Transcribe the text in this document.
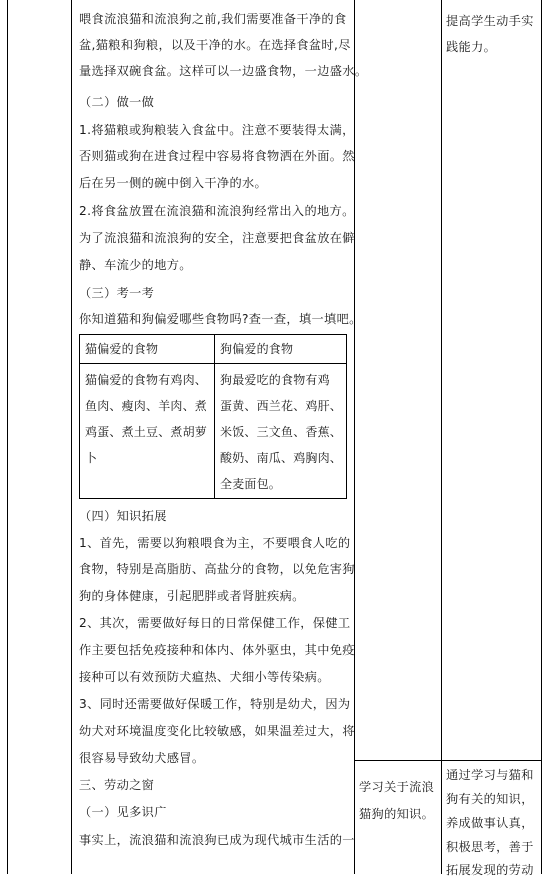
喂食流浪猫和流浪狗之前,我们需要准备干净的食
盆,猫粮和狗粮，以及干净的水。在选择食盆时,尽
量选择双碗食盆。这样可以一边盛食物，一边盛水。
（二）做一做
1.将猫粮或狗粮装入食盆中。注意不要装得太满，
否则猫或狗在进食过程中容易将食物洒在外面。然
后在另一侧的碗中倒入干净的水。
2.将食盆放置在流浪猫和流浪狗经常出入的地方。
为了流浪猫和流浪狗的安全，注意要把食盆放在僻
静、车流少的地方。
（三）考一考
你知道猫和狗偏爱哪些食物吗?查一查，填一填吧。
猫偏爱的食物	狗偏爱的食物
猫偏爱的食物有鸡肉、
鱼肉、瘦肉、羊肉、煮
鸡蛋、煮土豆、煮胡萝
卜
狗最爱吃的食物有鸡
蛋黄、西兰花、鸡肝、
米饭、三文鱼、香蕉、
酸奶、南瓜、鸡胸肉、
全麦面包。
（四）知识拓展
1、首先，需要以狗粮喂食为主，不要喂食人吃的
食物，特别是高脂肪、高盐分的食物，以免危害狗
狗的身体健康，引起肥胖或者肾脏疾病。
2、其次，需要做好每日的日常保健工作，保健工
作主要包括免疫接种和体内、体外驱虫，其中免疫
接种可以有效预防犬瘟热、犬细小等传染病。
3、同时还需要做好保暖工作，特别是幼犬，因为
幼犬对环境温度变化比较敏感，如果温差过大，将
很容易导致幼犬感冒。
三、劳动之窗
（一）见多识广
事实上，流浪猫和流浪狗已成为现代城市生活的一
学习关于流浪
猫狗的知识。
提高学生动手实
践能力。
通过学习与猫和
狗有关的知识，
养成做事认真，
积极思考，善于
拓展发现的劳动
